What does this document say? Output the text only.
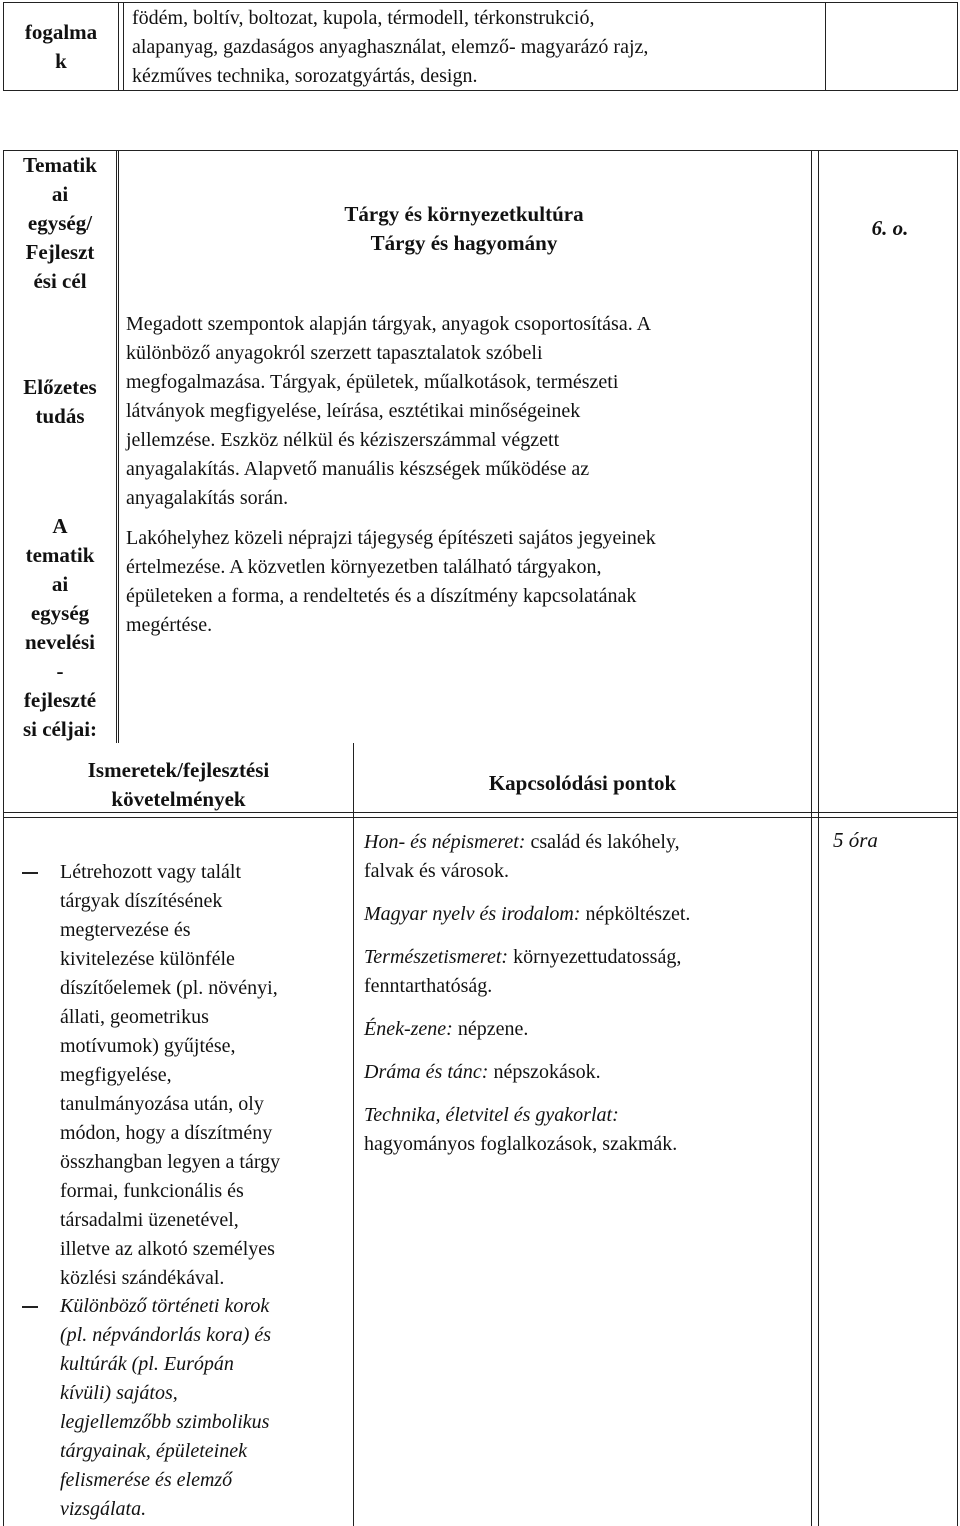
fogalma
k
födém, boltív, boltozat, kupola, térmodell, térkonstrukció,
alapanyag, gazdaságos anyaghasználat, elemző- magyarázó rajz,
kézműves technika, sorozatgyártás, design.
Tematik
ai
egység/
Fejleszt
ési cél
Tárgy és környezetkultúra
Tárgy és hagyomány
6. o.
Előzetes
tudás
Megadott szempontok alapján tárgyak, anyagok csoportosítása. A
különböző anyagokról szerzett tapasztalatok szóbeli
megfogalmazása. Tárgyak, épületek, műalkotások, természeti
látványok megfigyelése, leírása, esztétikai minőségeinek
jellemzése. Eszköz nélkül és kéziszerszámmal végzett
anyagalakítás. Alapvető manuális készségek működése az
anyagalakítás során.
A
tematik
ai
egység
nevelési
-
fejleszté
si céljai:
Lakóhelyhez közeli néprajzi tájegység építészeti sajátos jegyeinek
értelmezése. A közvetlen környezetben található tárgyakon,
épületeken a forma, a rendeltetés és a díszítmény kapcsolatának
megértése.
Ismeretek/fejlesztési
követelmények
Kapcsolódási pontok
Létrehozott vagy talált
tárgyak díszítésének
megtervezése és
kivitelezése különféle
díszítőelemek (pl. növényi,
állati, geometrikus
motívumok) gyűjtése,
megfigyelése,
tanulmányozása után, oly
módon, hogy a díszítmény
összhangban legyen a tárgy
formai, funkcionális és
társadalmi üzenetével,
illetve az alkotó személyes
közlési szándékával.
Különböző történeti korok
(pl. népvándorlás kora) és
kultúrák (pl. Európán
kívüli) sajátos,
legjellemzőbb szimbolikus
tárgyainak, épületeinek
felismerése és elemző
vizsgálata.

Hon- és népismeret: család és lakóhely,
falvak és városok.

Magyar nyelv és irodalom: népköltészet.

Természetismeret: környezettudatosság,
fenntarthatóság.

Ének-zene: népzene.

Dráma és tánc: népszokások.

Technika, életvitel és gyakorlat:
hagyományos foglalkozások, szakmák.

5 óra
